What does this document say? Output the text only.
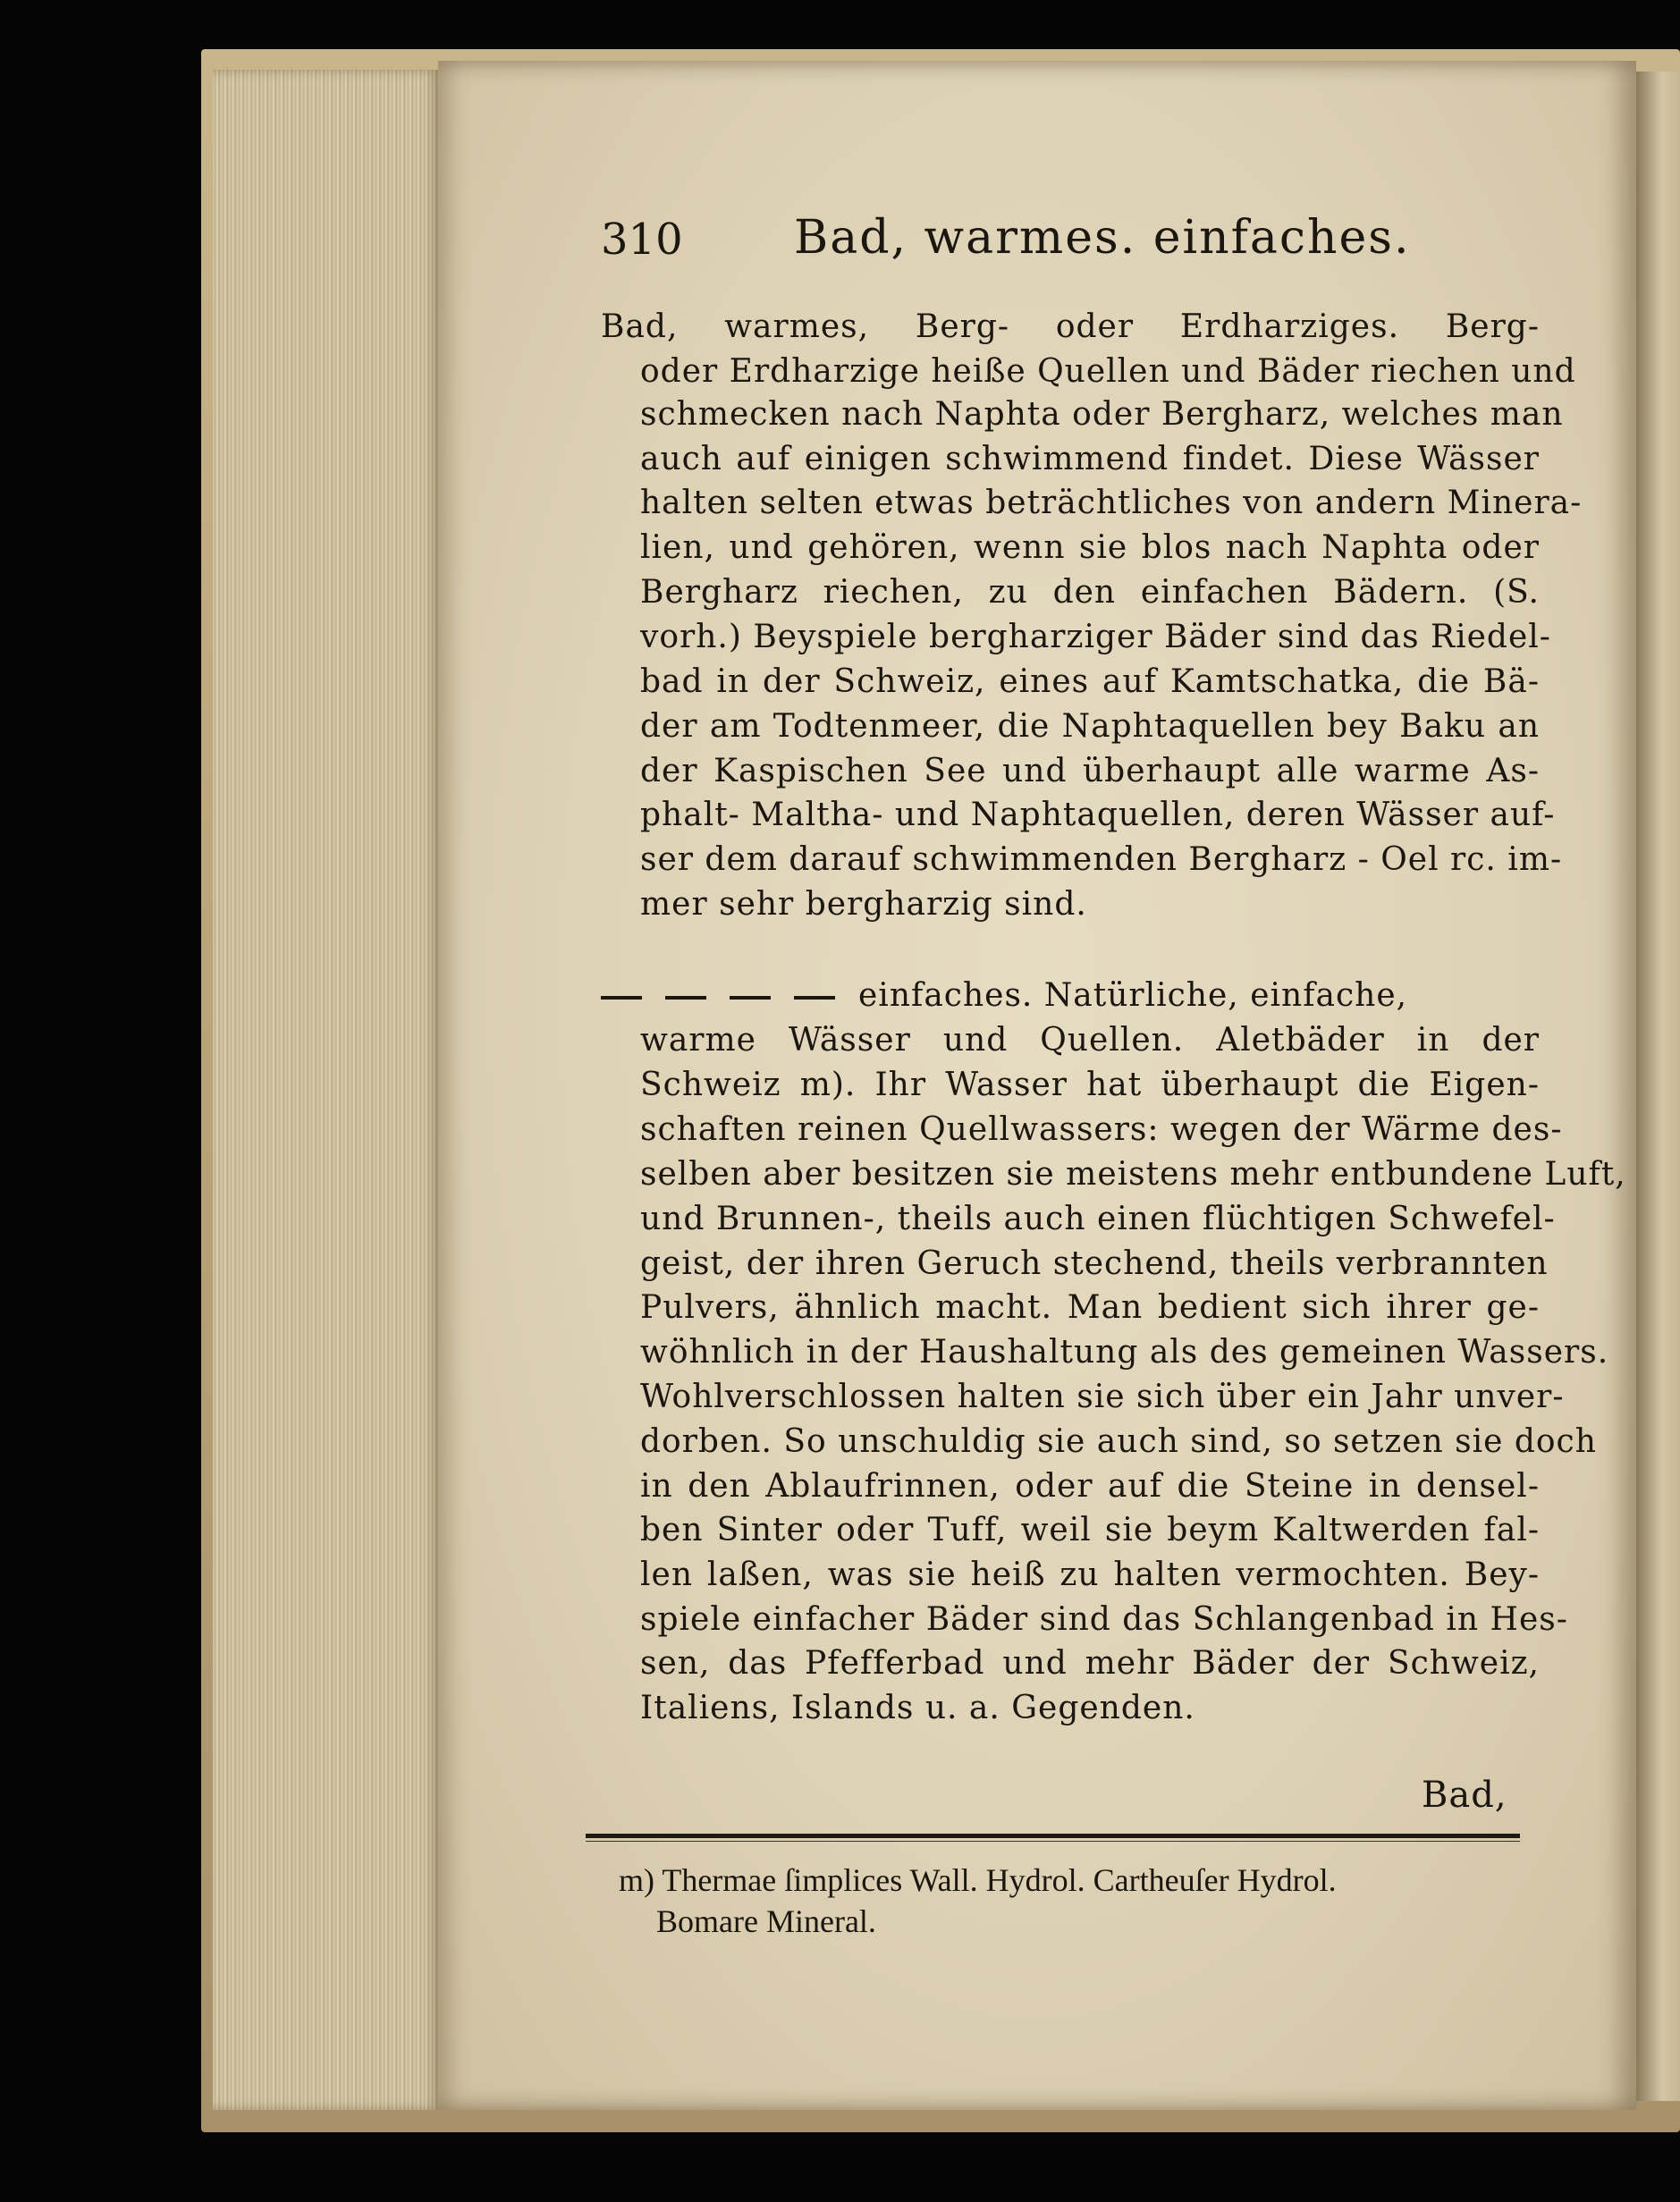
310 Bad, warmes. einfaches.
Bad, warmes, Berg- oder Erdharziges. Berg-
oder Erdharzige heiße Quellen und Bäder riechen und
schmecken nach Naphta oder Bergharz, welches man
auch auf einigen schwimmend findet. Diese Wässer
halten selten etwas beträchtliches von andern Minera-
lien, und gehören, wenn sie blos nach Naphta oder
Bergharz riechen, zu den einfachen Bädern. (S.
vorh.) Beyspiele bergharziger Bäder sind das Riedel-
bad in der Schweiz, eines auf Kamtschatka, die Bä-
der am Todtenmeer, die Naphtaquellen bey Baku an
der Kaspischen See und überhaupt alle warme As-
phalt- Maltha- und Naphtaquellen, deren Wässer auf-
ser dem darauf schwimmenden Bergharz - Oel rc. im-
mer sehr bergharzig sind.
einfaches. Natürliche, einfache,
warme Wässer und Quellen. Aletbäder in der
Schweiz m). Ihr Wasser hat überhaupt die Eigen-
schaften reinen Quellwassers: wegen der Wärme des-
selben aber besitzen sie meistens mehr entbundene Luft,
und Brunnen-, theils auch einen flüchtigen Schwefel-
geist, der ihren Geruch stechend, theils verbrannten
Pulvers, ähnlich macht. Man bedient sich ihrer ge-
wöhnlich in der Haushaltung als des gemeinen Wassers.
Wohlverschlossen halten sie sich über ein Jahr unver-
dorben. So unschuldig sie auch sind, so setzen sie doch
in den Ablaufrinnen, oder auf die Steine in densel-
ben Sinter oder Tuff, weil sie beym Kaltwerden fal-
len laßen, was sie heiß zu halten vermochten. Bey-
spiele einfacher Bäder sind das Schlangenbad in Hes-
sen, das Pfefferbad und mehr Bäder der Schweiz,
Italiens, Islands u. a. Gegenden.
Bad,
m) Thermae ſimplices Wall. Hydrol. Cartheuſer Hydrol.
Bomare Mineral.
